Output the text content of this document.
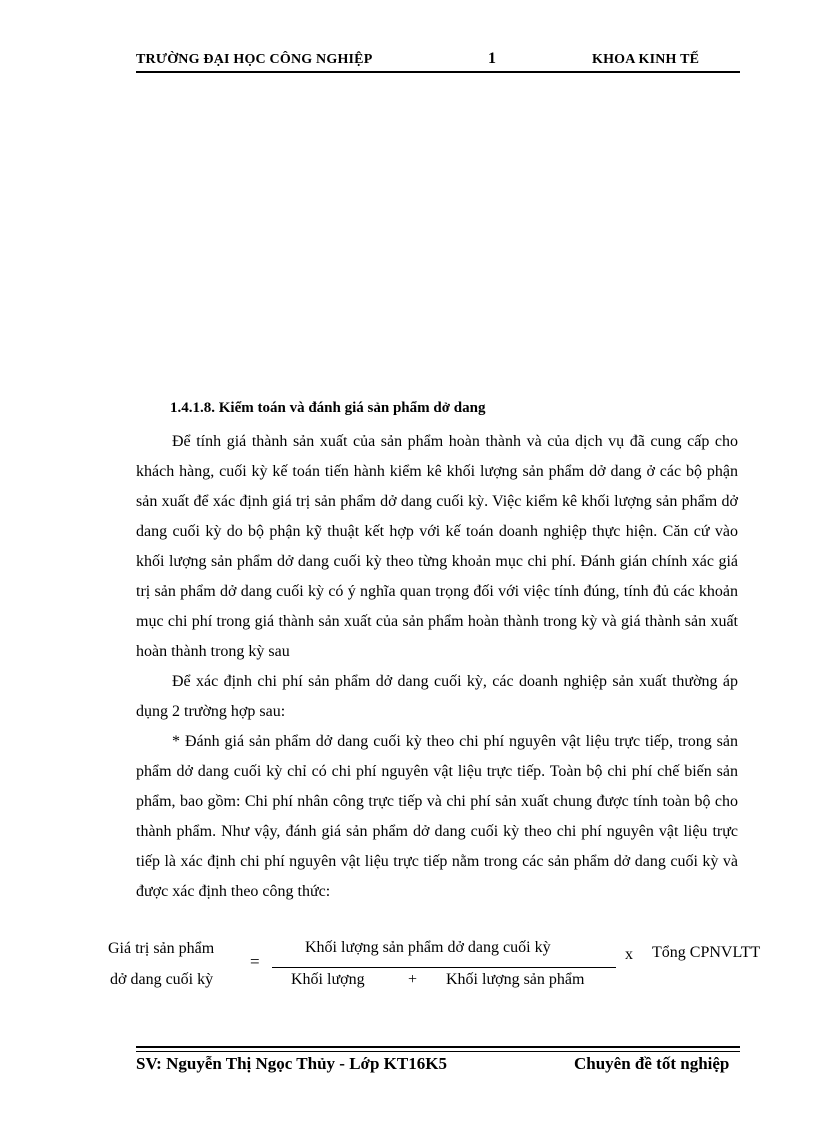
TRƯỜNG ĐẠI HỌC CÔNG NGHIỆP	1	KHOA KINH TẾ
1.4.1.8. Kiểm toán và đánh giá sản phẩm dở dang

Để tính giá thành sản xuất của sản phẩm hoàn thành và của dịch vụ đã cung cấp cho khách hàng, cuối kỳ kế toán tiến hành kiểm kê khối lượng sản phẩm dở dang ở các bộ phận sản xuất để xác định giá trị sản phẩm dở dang cuối kỳ. Việc kiểm kê khối lượng sản phẩm dở dang cuối kỳ do bộ phận kỹ thuật kết hợp với kế toán doanh nghiệp thực hiện. Căn cứ vào khối lượng sản phẩm dở dang cuối kỳ theo từng khoản mục chi phí. Đánh gián chính xác giá trị sản phẩm dở dang cuối kỳ có ý nghĩa quan trọng đối với việc tính đúng, tính đủ các khoản mục chi phí trong giá thành sản xuất của sản phẩm hoàn thành trong kỳ và giá thành sản xuất hoàn thành trong kỳ sau

Để xác định chi phí sản phẩm dở dang cuối kỳ, các doanh nghiệp sản xuất thường áp dụng 2 trường hợp sau:

* Đánh giá sản phẩm dở dang cuối kỳ theo chi phí nguyên vật liệu trực tiếp, trong sản phẩm dở dang cuối kỳ chỉ có chi phí nguyên vật liệu trực tiếp. Toàn bộ chi phí chế biến sản phẩm, bao gồm: Chi phí nhân công trực tiếp và chi phí sản xuất chung được tính toàn bộ cho thành phẩm. Như vậy, đánh giá sản phẩm dở dang cuối kỳ theo chi phí nguyên vật liệu trực tiếp là xác định chi phí nguyên vật liệu trực tiếp nằm trong các sản phẩm dở dang cuối kỳ và được xác định theo công thức:

Giá trị sản phẩm
dở dang cuối kỳ
=
Khối lượng sản phẩm dở dang cuối kỳ
Khối lượng	+ Khối lượng sản phẩm
x Tổng CPNVLTT
SV: Nguyễn Thị Ngọc Thủy - Lớp KT16K5	Chuyên đề tốt nghiệp
